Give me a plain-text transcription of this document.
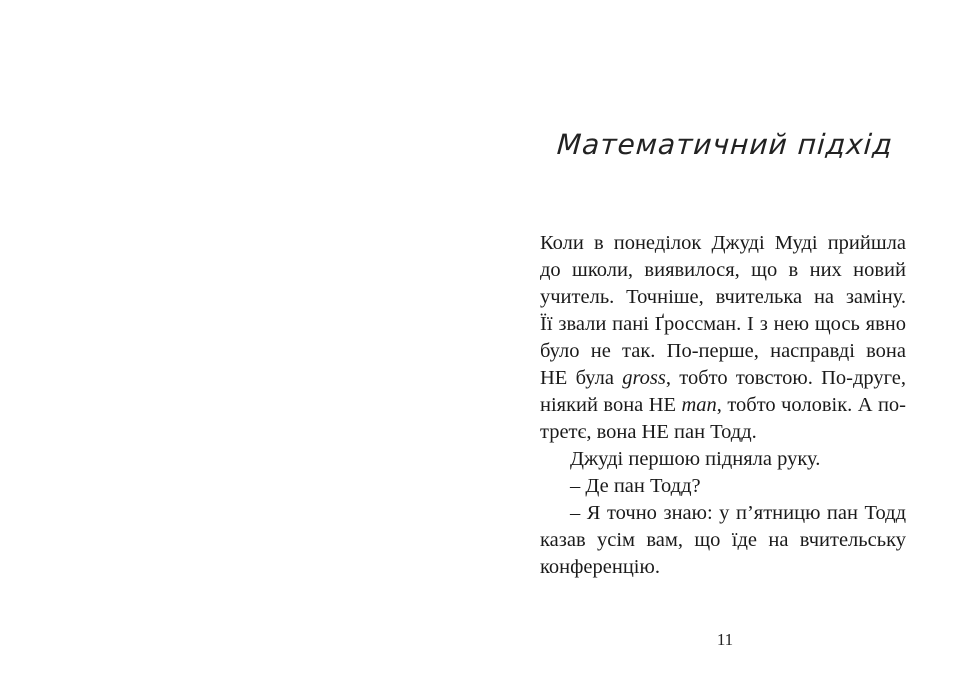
Математичний підхід
Коли в понеділок Джуді Муді прийшла
до школи, виявилося, що в них новий
учитель. Точніше, вчителька на заміну.
Її звали пані Ґроссман. І з нею щось явно
було не так. По-перше, насправді вона
НЕ була gross, тобто товстою. По-друге,
ніякий вона НЕ man, тобто чоловік. А по-
третє, вона НЕ пан Тодд.
Джуді першою підняла руку.
– Де пан Тодд?
– Я точно знаю: у п’ятницю пан Тодд
казав усім вам, що їде на вчительську
конференцію.
11
